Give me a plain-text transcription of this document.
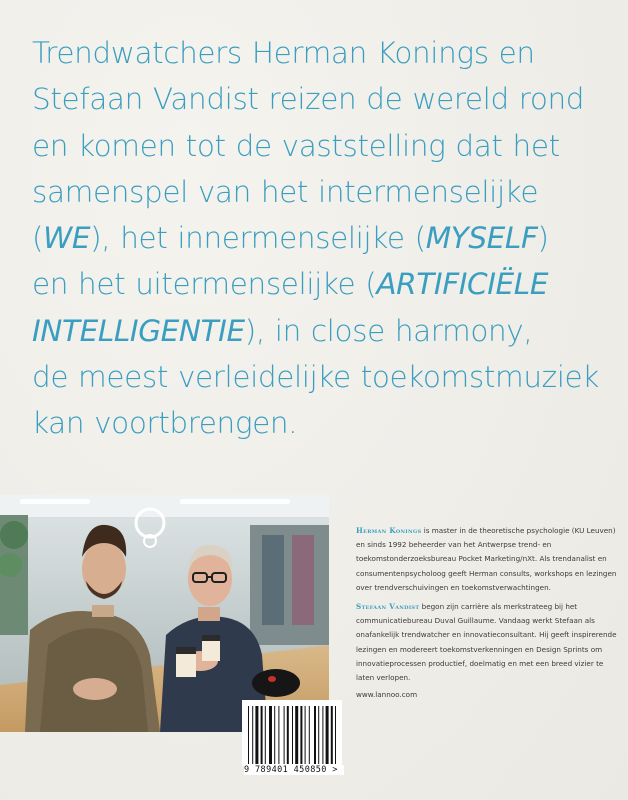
Trendwatchers Herman Konings en
Stefaan Vandist reizen de wereld rond
en komen tot de vaststelling dat het
samenspel van het intermenselijke
(WE), het innermenselijke (MYSELF)
en het uitermenselijke (ARTIFICIËLE
INTELLIGENTIE), in close harmony,
de meest verleidelijke toekomstmuziek
kan voortbrengen.

Herman Konings is master in de theoretische psychologie (KU Leuven) en sinds 1992 beheerder van het Antwerpse trend- en toekomstonderzoeksbureau Pocket Marketing/nXt. Als trendanalist en consumentenpsycholoog geeft Herman consults, workshops en lezingen over trendverschuivingen en toekomstverwachtingen.

Stefaan Vandist begon zijn carrière als merkstrateeg bij het communicatiebureau Duval Guillaume. Vandaag werkt Stefaan als onafankelijk trendwatcher en innovatieconsultant. Hij geeft inspirerende lezingen en modereert toekomstverkenningen en Design Sprints om innovatieprocessen productief, doelmatig en met een breed vizier te laten verlopen.

www.lannoo.com
9 789401 450850 >
